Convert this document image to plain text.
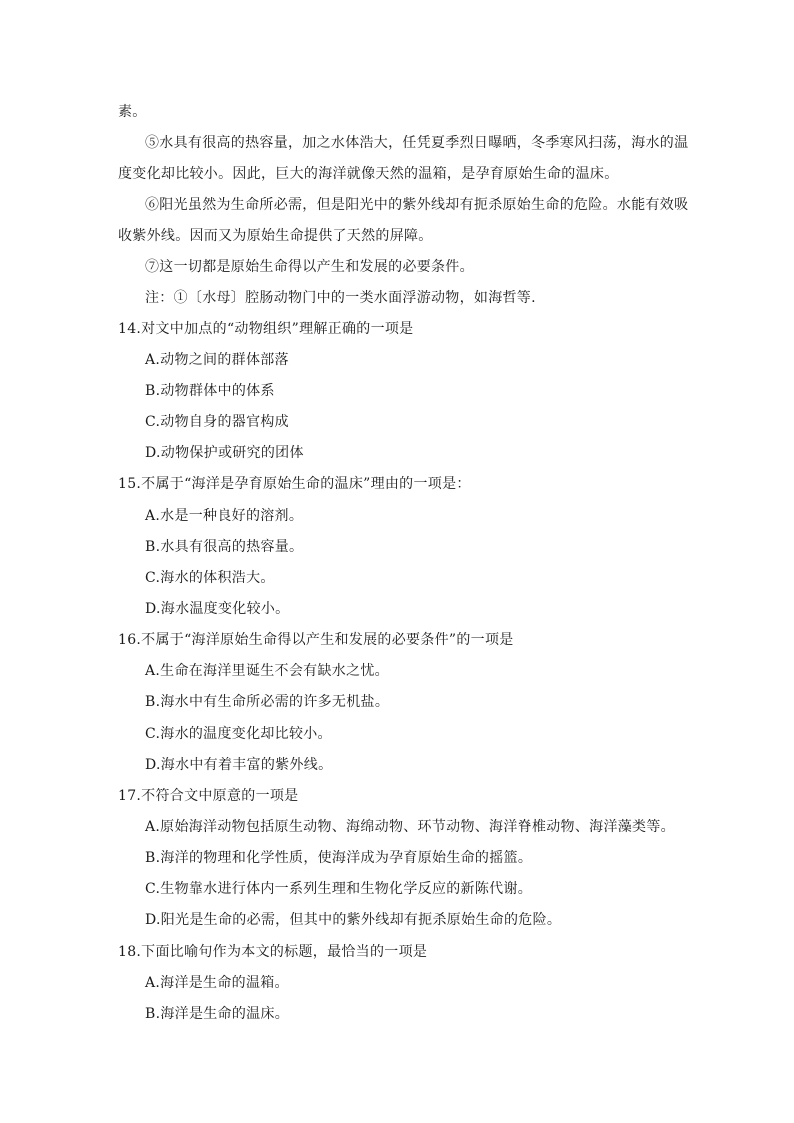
素。
⑤水具有很高的热容量，加之水体浩大，任凭夏季烈日曝晒，冬季寒风扫荡，海水的温
度变化却比较小。因此，巨大的海洋就像天然的温箱，是孕育原始生命的温床。
⑥阳光虽然为生命所必需，但是阳光中的紫外线却有扼杀原始生命的危险。水能有效吸
收紫外线。因而又为原始生命提供了天然的屏障。
⑦这一切都是原始生命得以产生和发展的必要条件。
注：①〔水母〕腔肠动物门中的一类水面浮游动物，如海哲等.
14.对文中加点的“动物组织”理解正确的一项是
A.动物之间的群体部落
B.动物群体中的体系
C.动物自身的器官构成
D.动物保护或研究的团体
15.不属于“海洋是孕育原始生命的温床”理由的一项是：
A.水是一种良好的溶剂。
B.水具有很高的热容量。
C.海水的体积浩大。
D.海水温度变化较小。
16.不属于“海洋原始生命得以产生和发展的必要条件”的一项是
A.生命在海洋里诞生不会有缺水之忧。
B.海水中有生命所必需的许多无机盐。
C.海水的温度变化却比较小。
D.海水中有着丰富的紫外线。
17.不符合文中原意的一项是
A.原始海洋动物包括原生动物、海绵动物、环节动物、海洋脊椎动物、海洋藻类等。
B.海洋的物理和化学性质，使海洋成为孕育原始生命的摇篮。
C.生物靠水进行体内一系列生理和生物化学反应的新陈代谢。
D.阳光是生命的必需，但其中的紫外线却有扼杀原始生命的危险。
18.下面比喻句作为本文的标题，最恰当的一项是
A.海洋是生命的温箱。
B.海洋是生命的温床。
